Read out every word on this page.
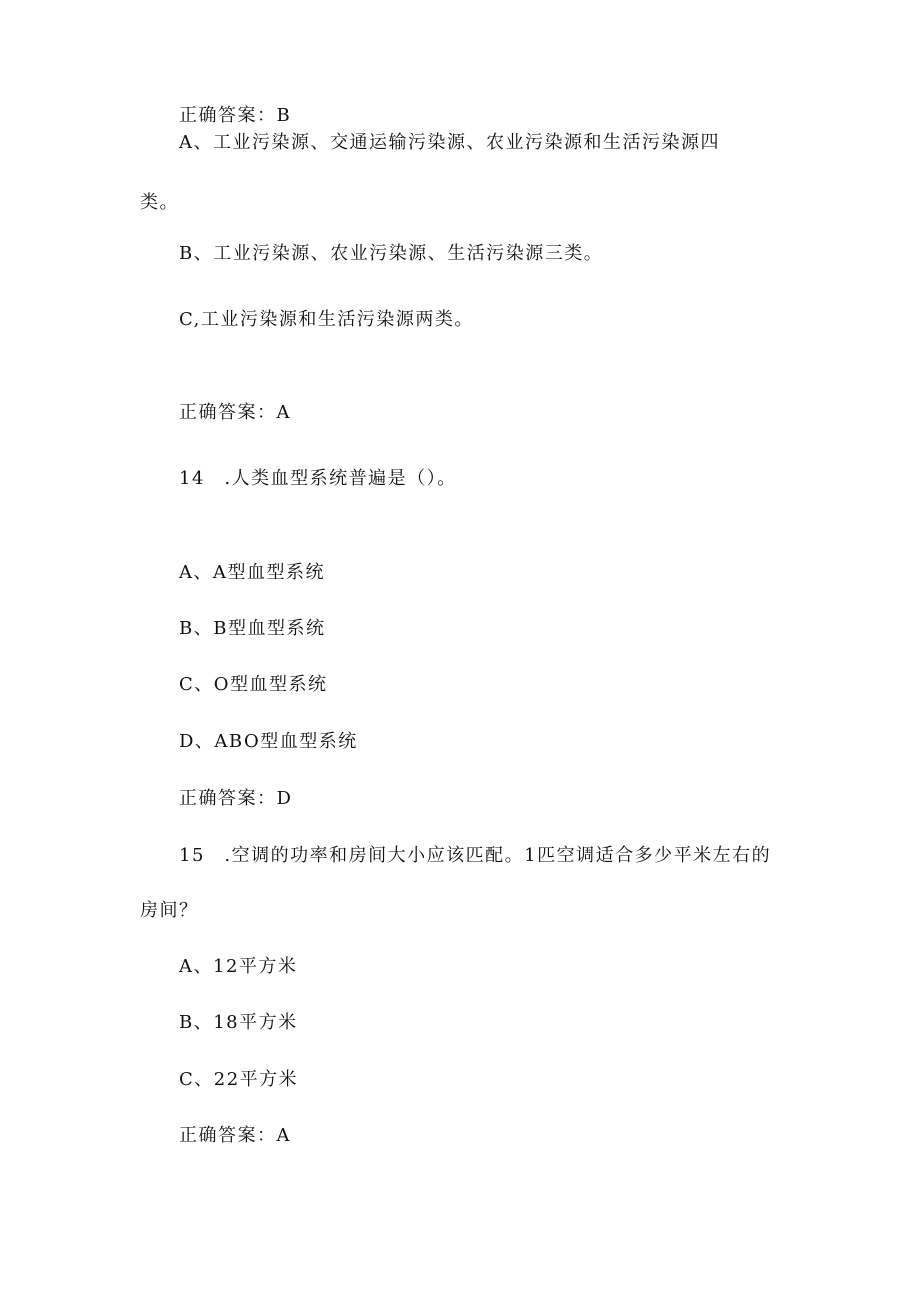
正确答案：B
A、工业污染源、交通运输污染源、农业污染源和生活污染源四
类。
B、工业污染源、农业污染源、生活污染源三类。
C,工业污染源和生活污染源两类。
正确答案：A
14　.人类血型系统普遍是（）。
A、A型血型系统
B、B型血型系统
C、O型血型系统
D、ABO型血型系统
正确答案：D
15　.空调的功率和房间大小应该匹配。1匹空调适合多少平米左右的
房间？
A、12平方米
B、18平方米
C、22平方米
正确答案：A
